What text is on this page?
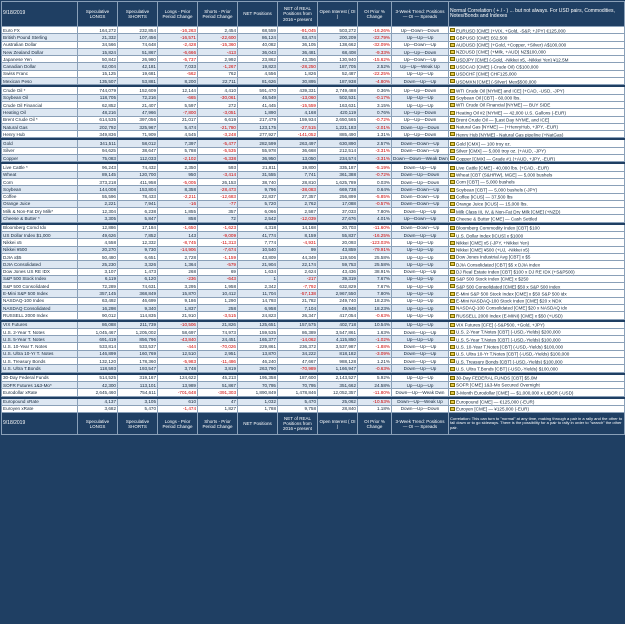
9/18/2019	Speculative LONGS	Speculative SHORTS	Longs - Prior Period Change	Shorts - Prior Period Change	NET Positions	NET of REAL Positions from 2016 • present	Open Interest ( OI )	OI Prior % Change	3-Week Trend: Positions — OI — Spreads	Normal Correlation ( + / - ) ... but not always. For USD pairs, Commodities, Notes/Bonds and Indexes
Euro FX	164,272	232,854	-16,263	2,454	68,559	-91,045	503,272	-16.26%	Up—Down—Down	EURUSD [CME] (+VIX, +Gold, -S&P, +JPY) €125,000
British Pound Sterling	21,332	107,456	-16,571	-22,600	86,124	63,474	200,209	-22.79%	Up—Up—Up	GBPUSD [CME] £62,500
Australian Dollar	34,566	74,648	-2,428	-15,360	40,082	36,105	138,662	-32.09%	Up—Down—Up	AUDUSD [CME] (+Gold, +Copper, +Silver) A$100,000
New Zealand Dollar	15,824	51,867	-6,666	-413	36,043	36,481	68,408	-9.33%	Up—Up—Down	NZDUSD [CME] (+Milk, +AUD) NZ$100,000
Japanese Yen	50,842	26,980	-5,737	2,992	23,862	43,356	130,940	-15.62%	Up—Down—Up	USDJPY [CME] (-Gold, -Nikkei x5, -Nikkei Yen) ¥12.5M
Canadian Dollar	62,004	42,181	7,033	-1,267	19,823	-28,250	187,705	2.52%	Up—Up—Weak Up	USDCAD [CME] (-Crude Oil) C$100,000
Swiss Franc	15,125	19,681	-562	762	4,556	1,826	52,487	-22.25%	Up—Up—Up	USDCHF [CME] CHF125,000
Mexican Peso	135,507	53,881	8,200	22,711	81,626	30,895	187,938	-4.80%	Down—Up—Up	USDMXN [CME] (-Silver) Mex$500,000

Crude Oil *	744,079	152,609	12,144	4,410	591,470	439,331	2,749,488	0.36%	Up—Up—Down	WTI Crude Oil [NYME] and ICE] (+CAD, -USD, -JPY)
Soybean Oil	118,705	72,216	-665	-30,061	46,549	-13,060	502,531	-0.17%	Up—Up—Up	Soybean Oil [CBT] - 60,000 lbs.
Crude Oil Financial	62,852	21,407	5,597	272	41,445	-15,559	163,631	3.15%	Up—Up—Up	WTI Crude Oil Financial [NYME] — BUY SIDE
Heating Oil	48,216	47,966	-7,800	-3,051	1,890	4,168	420,119	0.76%	Up—Up—Down	Heating Oil #2 [NYME] — 42,000 U.S. Gallons (-EUR)
Brent Crude Oil *	614,535	397,056	21,017	6,619	217,479	159,934	2,650,565	-0.72%	Up—Up—Down	Brent Crude Oil — [Last Day NYME, and ICE]
Natural Gas	202,792	325,967	5,474	-21,780	123,175	-27,515	1,221,183	-2.01%	Down—Up—Down	Natural Gas [NYME] — (+HenryHub, +JPY, -EUR)
Henry Hub	349,836	71,909	4,545	-3,248	277,927	-141,052	885,490	1.31%	Up—Up—Down	Henry Hub [NYME] - Natural Gas pipeline (+NatGas)

Gold	341,511	58,012	7,397	-5,477	282,599	263,497	630,890	2.57%	Down—Down—Up	Gold [CMX] — 100 troy oz.
Silver	94,625	38,647	5,788	-5,535	55,978	36,668	212,514	-3.31%	Down—Down—Up	Silver [CMX] — 5,000 troy oz. (+AUD, -JPY)
Copper	75,083	112,033	-2,102	-6,338	36,950	13,050	234,574	-3.31%	Down—Down—Weak Dwn	Copper [CMX] — Grade #1 (+AUD, +JPY, -EUR)

Live Cattle *	96,243	74,432	2,350	593	21,811	19,800	335,187	-5.19%	Down—Up—Up	Live Cattle [CME] - 40,000 lbs. (+CAD, -EUR)
Wheat	89,145	120,700	950	-3,414	31,555	7,741	361,388	-0.72%	Down—Up—Down	Wheat [CBT (S&HRW), MGE] — 5,000 bushels
Corn	373,218	411,958	-5,005	26,153	38,740	28,810	1,625,789	0.03%	Down—Up—Down	Corn [CBT] — 5,000 bushels
Soybean	144,008	153,804	8,358	-28,473	9,796	-38,083	669,738	0.64%	Down—Down—Up	Soybean [CBT] — 5,000 bushels (-JPY)
Coffee	55,596	78,433	-2,211	-12,683	22,837	27,357	256,899	-5.85%	Down—Down—Up	Coffee [ICUS] — 37,500 lbs
Orange Juice	2,221	7,941	-16	-77	5,720	2,762	17,088	-0.57%	Down—Down—Up	Orange Juice [ICUS] — 15,000 lbs.
Milk & Non-Fat Dry Milk*	12,304	6,238	1,855	357	6,066	2,587	37,033	7.80%	Down—Up—Up	Milk Class III, IV, & Non-Fat Dry Milk [CME] (+NZD)
Cheese & Butter *	3,305	5,847	858	72	2,542	-12,039	27,676	4.01%	Up—Down—Up	Cheese & Butter [CME] — Cash Settled

Bloomberg Comd Idx	12,886	17,184	-1,650	-1,623	4,318	14,168	20,703	-11.60%	Down—Down—Up	Bloomberg Commodity Index [CBT] $100
US Dollar Index $1,000	49,626	7,852	143	-9,009	41,774	8,159	55,837	-16.25%	Down—Up—Up	U.S. Dollar Index [ICUS] x $1000
Nikkei x5	4,558	12,332	-8,745	-11,313	7,774	-4,931	20,093	-123.03%	Up—Up—Up	Nikkei [CME] x5 (-JPY, +Nikkei Yen)
Nikkei ¥500	20,270	9,730	-14,906	-7,674	10,540	99	43,859	-79.91%	Up—Up—Up	Nikkei [CME] ¥500 (+UJ, -Nikkei x5)
DJIA x$5	50,480	6,651	2,728	-1,159	43,809	44,349	119,506	25.58%	Up—Up—Up	Dow Jones Industrial Avg [CBT] x $5
DJIA Consolidated	25,230	3,326	1,364	-579	21,904	22,174	59,753	25.58%	Up—Up—Up	DJIA Consolidated [CBT] $5 x DJIA index
Dow Jones US RE IDX	3,107	1,473	268	69	1,634	2,624	43,436	38.91%	Down—Up—Up	DJ Real Estate Index [CBT] $100 x DJ RE IDX (+S&P500)
S&P 500 Stock Index	6,119	6,120	-236	-643	1	-217	39,319	7.67%	Up—Up—Up	S&P 500 Stock Index [CME] x $250
S&P 500 Consolidated	72,289	74,631	3,295	1,958	2,342	-7,792	632,829	7.67%	Up—Up—Up	S&P 500 Consolidated [CME] $50 x S&P 500 index
E-Mini S&P 500 Index	357,145	368,849	15,870	10,412	11,704	-57,138	2,967,550	7.80%	Up—Up—Up	E-Mini S&P 500 Stock Index [CME] x $50 S&P 500 idx
NASDAQ-100 Index	63,492	46,699	9,186	1,290	14,793	21,782	249,740	18.23%	Up—Up—Up	E-Mini NASDAQ-100 Stock Index [CME] $20 x NDX
NASDAQ Consolidated	16,298	9,340	1,837	258	6,958	7,104	49,948	18.23%	Up—Up—Up	NASDAQ-100 Consolidated [CME] $20 x NASDAQ idx
RUSSELL 2000 Index	90,012	114,835	21,910	-3,515	24,823	26,347	417,054	-0.63%	Up—Up—Up	RUSSELL 2000 Index (E-MINI) [CME] x $50 (+USD)

VIX Futures	86,088	211,739	-10,506	21,826	125,651	157,575	402,718	10.54%	Up—Up—Up	VIX Futures [CFE] (-S&P500, +Gold, +JPY)
U.S. 2-Year T. Notes	1,045,467	1,205,002	58,697	74,973	159,535	86,389	3,547,861	1.63%	Down—Up—Up	U.S. 2-Year T.Notes [CBT] (-USD,-Yields) $200,000
U.S. 5-Year T. Notes	691,419	856,796	-43,840	24,451	165,377	-14,062	4,115,850	-1.02%	Up—Up—Up	U.S. 5-Year T.Notes [CBT] (-USD,-Yields) $100,000
U.S. 10-Year T. Notes	533,814	533,537	-444	-70,026	229,861	236,372	3,537,987	-1.88%	Down—Up—Up	U.S. 10-Year T.Notes [CBT] (-USD,-Yields) $100,000
U.S. Ultra 10-Yr T. Notes	146,899	160,769	12,510	2,951	13,870	34,222	818,182	-3.09%	Down—Up—Up	U.S. Ultra 10-Yr T.Notes [CBT] (-USD,-Yields) $100,000
U.S. Treasury Bonds	132,120	178,360	-5,983	-11,486	46,240	47,667	988,128	1.21%	Down—Up—Up	U.S. Treasury Bonds [CBT] (-USD,-Yields) $100,000
U.S. Ultra T.Bonds	118,593	193,547	3,748	3,819	263,790	-70,989	1,166,947	-0.63%	Down—Up—Up	U.S. Ultra T.Bonds [CBT] (-USD,-Yields) $100,000

30-Day Federal Funds	514,525	319,167	124,622	45,213	195,358	187,600	2,143,527	5.92%	Up—Up—Up	30-Day FEDERAL FUNDS [CBT] $5.0M
SOFR Futures 1&3-Mo*	42,300	113,101	13,989	51,867	70,795	70,795	351,662	24.58%	Up—Up—Up	SOFR [CME] 1&3-Mo Secured Overnight
Eurodollar xRate	2,645,460	754,611	-701,648	-391,303	1,890,849	1,478,846	12,052,357	-11.80%	Down—Up—Weak Dwn	3-Month Eurodollar [CME] — $1,000,000 x LIBOR (-USD)

Europound xRate	4,137	3,105	610	47	1,032	5,470	25,062	-10.53%	Down—Up—Weak Up	Europound [CME] — €125,000 (-EUR)
Euroyen xRate	3,682	5,470	-1,474	1,827	1,788	9,758	28,840	1.18%	Down—Up—Down	Euroyen [CME] — ¥125,000 (-EUR)
9/18/2019	Speculative LONGS	Speculative SHORTS	Longs - Prior Period Change	Shorts - Prior Period Change	NET Positions	NET of REAL Positions from 2016 • present	Open Interest ( OI )	OI Prior % Change	3-Week Trend: Positions — OI — Spreads	Correlation: This can turn to "normal" at any time, making through a pair in a rally and the other to fall down or to go sideways. There is the possibility for a pair to rally in order to "search" the other pair.
